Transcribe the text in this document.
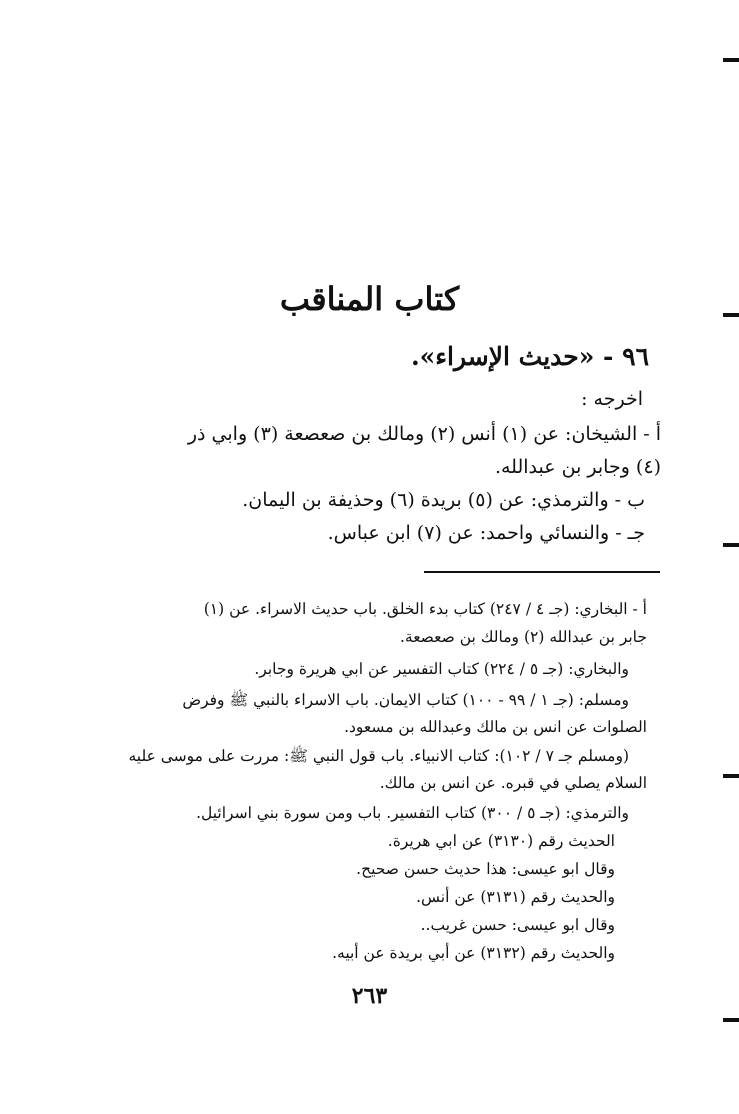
كتاب المناقب
٩٦ - «حديث الإسراء».
اخرجه :
أ - الشيخان: عن (١) أنس (٢) ومالك بن صعصعة (٣) وابي ذر
(٤) وجابر بن عبدالله.
ب - والترمذي: عن (٥) بريدة (٦) وحذيفة بن اليمان.
جـ - والنسائي واحمد: عن (٧) ابن عباس.
أ - البخاري: (جـ ٤ / ٢٤٧) كتاب بدء الخلق. باب حديث الاسراء. عن (١)
جابر بن عبدالله (٢) ومالك بن صعصعة.
والبخاري: (جـ ٥ / ٢٢٤) كتاب التفسير عن ابي هريرة وجابر.
ومسلم: (جـ ١ / ٩٩ - ١٠٠) كتاب الايمان. باب الاسراء بالنبي ﷺ وفرض
الصلوات عن انس بن مالك وعبدالله بن مسعود.
(ومسلم جـ ٧ / ١٠٢): كتاب الانبياء. باب قول النبي ﷺ: مررت على موسى عليه
السلام يصلي في قبره. عن انس بن مالك.
والترمذي: (جـ ٥ / ٣٠٠) كتاب التفسير. باب ومن سورة بني اسرائيل.
الحديث رقم (٣١٣٠) عن ابي هريرة.
وقال ابو عيسى: هذا حديث حسن صحيح.
والحديث رقم (٣١٣١) عن أنس.
وقال ابو عيسى: حسن غريب..
والحديث رقم (٣١٣٢) عن أبي بريدة عن أبيه.
٢٦٣
